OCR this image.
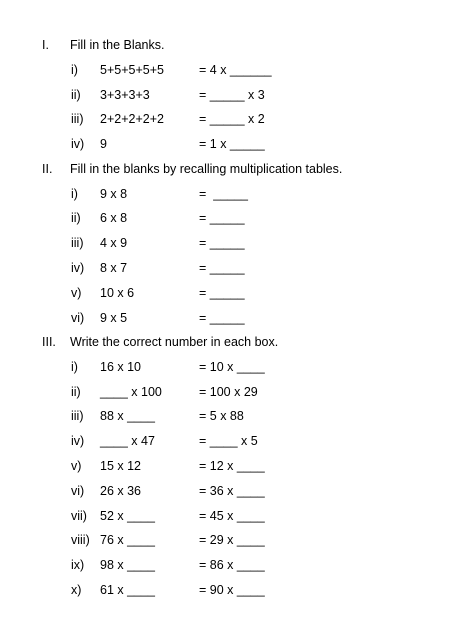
I. Fill in the Blanks.
i) 5+5+5+5+5	= 4 x ______
ii) 3+3+3+3	= _____ x 3
iii) 2+2+2+2+2	= _____ x 2
iv) 9	= 1 x _____
II. Fill in the blanks by recalling multiplication tables.
i) 9 x 8	=  _____
ii) 6 x 8	= _____
iii) 4 x 9	= _____
iv) 8 x 7	= _____
v) 10 x 6	= _____
vi) 9 x 5	= _____
III. Write the correct number in each box.
i) 16 x 10	= 10 x ____
ii) ____ x 100	= 100 x 29
iii) 88 x ____	= 5 x 88
iv) ____ x 47	= ____ x 5
v) 15 x 12	= 12 x ____
vi) 26 x 36	= 36 x ____
vii) 52 x ____	= 45 x ____
viii) 76 x ____	= 29 x ____
ix) 98 x ____	= 86 x ____
x) 61 x ____	= 90 x ____
